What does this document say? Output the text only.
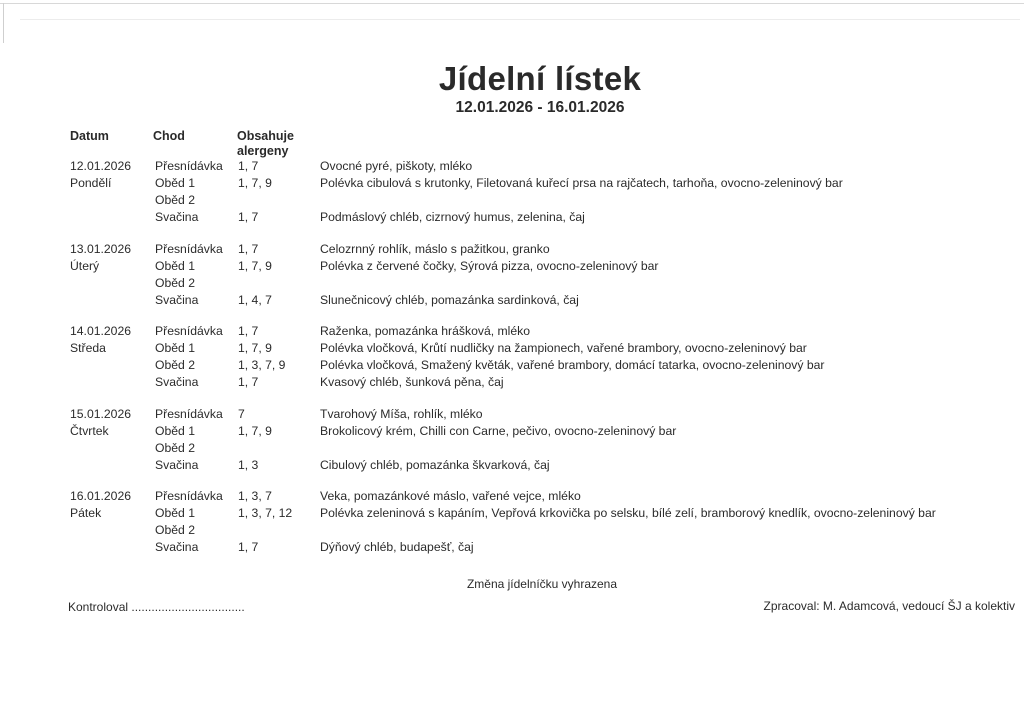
Jídelní lístek
12.01.2026 - 16.01.2026
Datum	Chod	Obsahuje
alergeny
12.01.2026 Přesnídávka 1, 7	Ovocné pyré, piškoty, mléko
Pondělí	Oběd 1	1, 7, 9	Polévka cibulová s krutonky, Filetovaná kuřecí prsa na rajčatech, tarhoňa, ovocno-zeleninový bar
Oběd 2
Svačina	1, 7	Podmáslový chléb, cizrnový humus, zelenina, čaj
13.01.2026 Přesnídávka 1, 7	Celozrnný rohlík, máslo s pažitkou, granko
Úterý	Oběd 1	1, 7, 9	Polévka z červené čočky, Sýrová pizza, ovocno-zeleninový bar
Oběd 2
Svačina	1, 4, 7	Slunečnicový chléb, pomazánka sardinková, čaj
14.01.2026 Přesnídávka 1, 7	Raženka, pomazánka hrášková, mléko
Středa	Oběd 1	1, 7, 9	Polévka vločková, Krůtí nudličky na žampionech, vařené brambory, ovocno-zeleninový bar
Oběd 2	1, 3, 7, 9	Polévka vločková, Smažený květák, vařené brambory, domácí tatarka, ovocno-zeleninový bar
Svačina	1, 7	Kvasový chléb, šunková pěna, čaj
15.01.2026 Přesnídávka 7	Tvarohový Míša, rohlík, mléko
Čtvrtek	Oběd 1	1, 7, 9	Brokolicový krém, Chilli con Carne, pečivo, ovocno-zeleninový bar
Oběd 2
Svačina	1, 3	Cibulový chléb, pomazánka škvarková, čaj
16.01.2026 Přesnídávka 1, 3, 7	Veka, pomazánkové máslo, vařené vejce, mléko
Pátek	Oběd 1	1, 3, 7, 12 Polévka zeleninová s kapáním, Vepřová krkovička po selsku, bílé zelí, bramborový knedlík, ovocno-zeleninový bar
Oběd 2
Svačina	1, 7	Dýňový chléb, budapešť, čaj
Změna jídelníčku vyhrazena
Kontroloval ..................................	Zpracoval: M. Adamcová, vedoucí ŠJ a kolektiv
